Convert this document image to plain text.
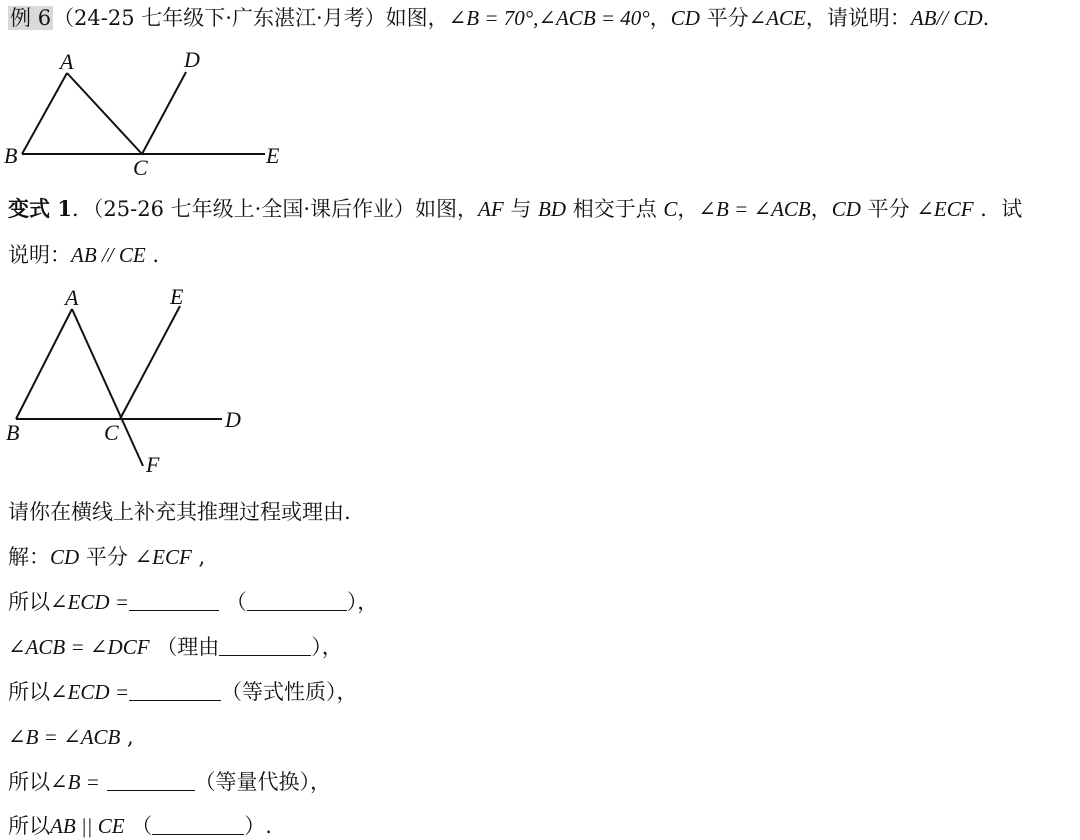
例 6（24-25 七年级下·广东湛江·月考）如图，∠B = 70°,∠ACB = 40°，CD 平分∠ACE，请说明：AB// CD.
A
B	C
D
E
变式 1．（25-26 七年级上·全国·课后作业）如图，AF 与 BD 相交于点 C，∠B = ∠ACB，CD 平分 ∠ECF ．试
说明：AB // CE .
A
B	C
D
E
F
请你在横线上补充其推理过程或理由.
解：CD 平分 ∠ECF ,
所以∠ECD =	（	），
∠ACB = ∠DCF （理由	），
所以∠ECD =	（等式性质），
∠B = ∠ACB ,
所以∠B =	（等量代换），
所以AB || CE （	）.
